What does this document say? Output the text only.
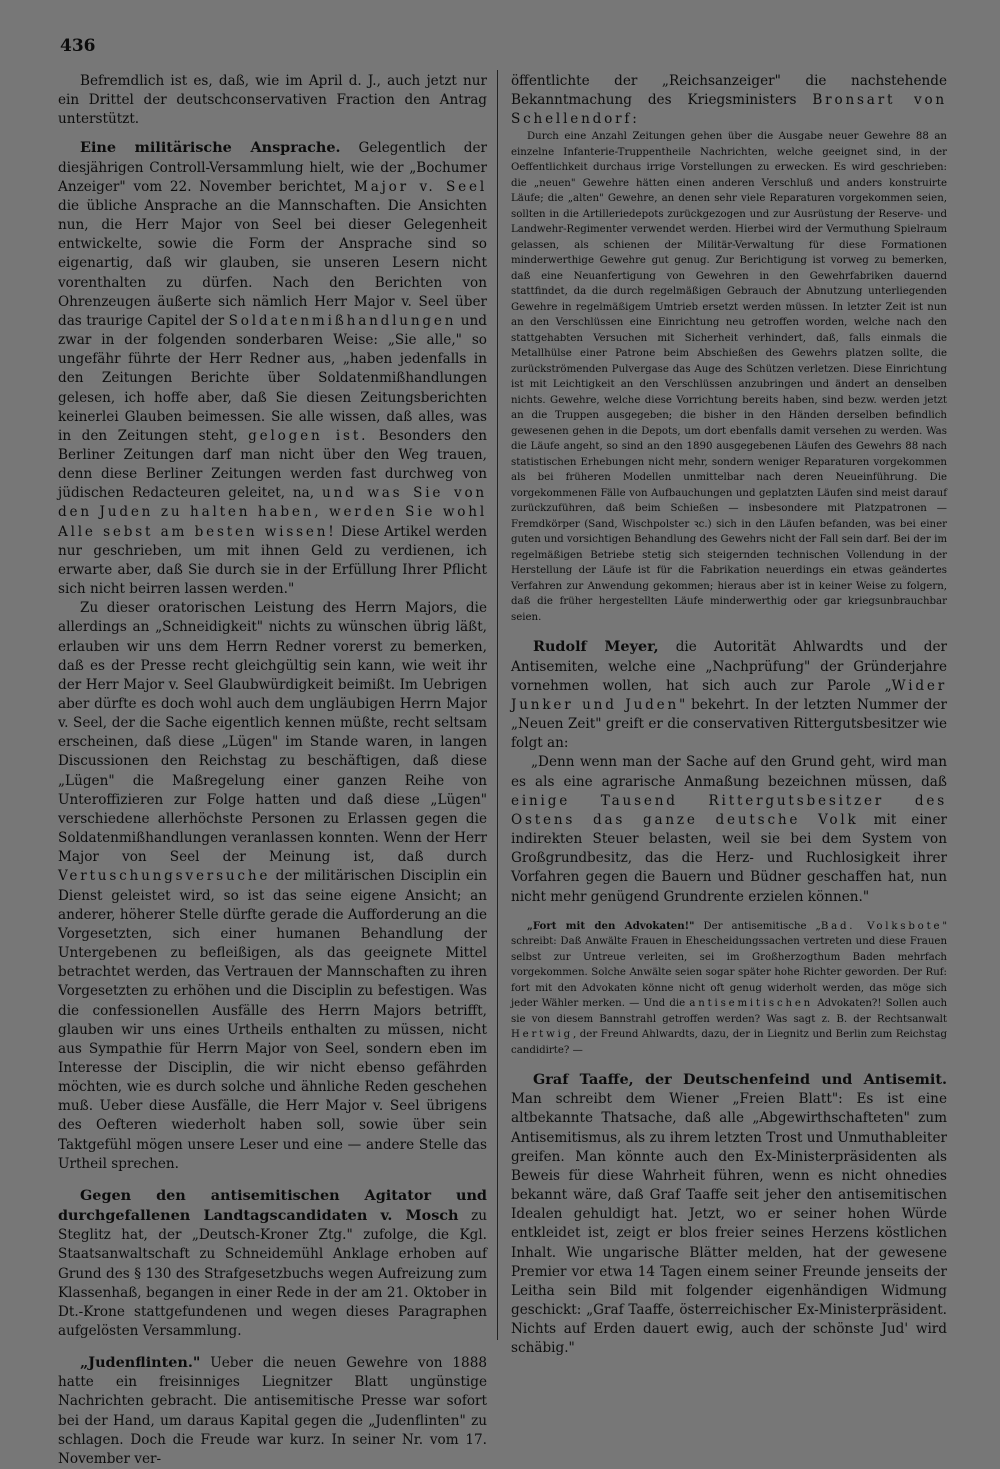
436

Befremdlich ist es, daß, wie im April d. J., auch jetzt nur ein Drittel der deutschconservativen Fraction den Antrag unterstützt.

Eine militärische Ansprache. Gelegentlich der diesjährigen Controll-Versammlung hielt, wie der „Bochumer Anzeiger" vom 22. November berichtet, Major v. Seel die übliche Ansprache an die Mannschaften. Die Ansichten nun, die Herr Major von Seel bei dieser Gelegenheit entwickelte, sowie die Form der Ansprache sind so eigenartig, daß wir glauben, sie unseren Lesern nicht vorenthalten zu dürfen. Nach den Berichten von Ohrenzeugen äußerte sich nämlich Herr Major v. Seel über das traurige Capitel der Soldatenmißhandlungen und zwar in der folgenden sonderbaren Weise: „Sie alle," so ungefähr führte der Herr Redner aus, „haben jedenfalls in den Zeitungen Berichte über Soldatenmißhandlungen gelesen, ich hoffe aber, daß Sie diesen Zeitungsberichten keinerlei Glauben beimessen. Sie alle wissen, daß alles, was in den Zeitungen steht, gelogen ist. Besonders den Berliner Zeitungen darf man nicht über den Weg trauen, denn diese Berliner Zeitungen werden fast durchweg von jüdischen Redacteuren geleitet, na, und was Sie von den Juden zu halten haben, werden Sie wohl Alle sebst am besten wissen! Diese Artikel werden nur geschrieben, um mit ihnen Geld zu verdienen, ich erwarte aber, daß Sie durch sie in der Erfüllung Ihrer Pflicht sich nicht beirren lassen werden."

Zu dieser oratorischen Leistung des Herrn Majors, die allerdings an „Schneidigkeit" nichts zu wünschen übrig läßt, erlauben wir uns dem Herrn Redner vorerst zu bemerken, daß es der Presse recht gleichgültig sein kann, wie weit ihr der Herr Major v. Seel Glaubwürdigkeit beimißt. Im Uebrigen aber dürfte es doch wohl auch dem ungläubigen Herrn Major v. Seel, der die Sache eigentlich kennen müßte, recht seltsam erscheinen, daß diese „Lügen" im Stande waren, in langen Discussionen den Reichstag zu beschäftigen, daß diese „Lügen" die Maßregelung einer ganzen Reihe von Unteroffizieren zur Folge hatten und daß diese „Lügen" verschiedene allerhöchste Personen zu Erlassen gegen die Soldatenmißhandlungen veranlassen konnten. Wenn der Herr Major von Seel der Meinung ist, daß durch Vertuschungsversuche der militärischen Disciplin ein Dienst geleistet wird, so ist das seine eigene Ansicht; an anderer, höherer Stelle dürfte gerade die Aufforderung an die Vorgesetzten, sich einer humanen Behandlung der Untergebenen zu befleißigen, als das geeignete Mittel betrachtet werden, das Vertrauen der Mannschaften zu ihren Vorgesetzten zu erhöhen und die Disciplin zu befestigen. Was die confessionellen Ausfälle des Herrn Majors betrifft, glauben wir uns eines Urtheils enthalten zu müssen, nicht aus Sympathie für Herrn Major von Seel, sondern eben im Interesse der Disciplin, die wir nicht ebenso gefährden möchten, wie es durch solche und ähnliche Reden geschehen muß. Ueber diese Ausfälle, die Herr Major v. Seel übrigens des Oefteren wiederholt haben soll, sowie über sein Taktgefühl mögen unsere Leser und eine — andere Stelle das Urtheil sprechen.

Gegen den antisemitischen Agitator und durchgefallenen Landtagscandidaten v. Mosch zu Steglitz hat, der „Deutsch-Kroner Ztg." zufolge, die Kgl. Staatsanwaltschaft zu Schneidemühl Anklage erhoben auf Grund des § 130 des Strafgesetzbuchs wegen Aufreizung zum Klassenhaß, begangen in einer Rede in der am 21. Oktober in Dt.-Krone stattgefundenen und wegen dieses Paragraphen aufgelösten Versammlung.

„Judenflinten." Ueber die neuen Gewehre von 1888 hatte ein freisinniges Liegnitzer Blatt ungünstige Nachrichten gebracht. Die antisemitische Presse war sofort bei der Hand, um daraus Kapital gegen die „Judenflinten" zu schlagen. Doch die Freude war kurz. In seiner Nr. vom 17. November ver-

öffentlichte der „Reichsanzeiger" die nachstehende Bekanntmachung des Kriegsministers Bronsart von Schellendorf:

Durch eine Anzahl Zeitungen gehen über die Ausgabe neuer Gewehre 88 an einzelne Infanterie-Truppentheile Nachrichten, welche geeignet sind, in der Oeffentlichkeit durchaus irrige Vorstellungen zu erwecken. Es wird geschrieben: die „neuen" Gewehre hätten einen anderen Verschluß und anders konstruirte Läufe; die „alten" Gewehre, an denen sehr viele Reparaturen vorgekommen seien, sollten in die Artilleriedepots zurückgezogen und zur Ausrüstung der Reserve- und Landwehr-Regimenter verwendet werden. Hierbei wird der Vermuthung Spielraum gelassen, als schienen der Militär-Verwaltung für diese Formationen minderwerthige Gewehre gut genug. Zur Berichtigung ist vorweg zu bemerken, daß eine Neuanfertigung von Gewehren in den Gewehrfabriken dauernd stattfindet, da die durch regelmäßigen Gebrauch der Abnutzung unterliegenden Gewehre in regelmäßigem Umtrieb ersetzt werden müssen. In letzter Zeit ist nun an den Verschlüssen eine Einrichtung neu getroffen worden, welche nach den stattgehabten Versuchen mit Sicherheit verhindert, daß, falls einmals die Metallhülse einer Patrone beim Abschießen des Gewehrs platzen sollte, die zurückströmenden Pulvergase das Auge des Schützen verletzen. Diese Einrichtung ist mit Leichtigkeit an den Verschlüssen anzubringen und ändert an denselben nichts. Gewehre, welche diese Vorrichtung bereits haben, sind bezw. werden jetzt an die Truppen ausgegeben; die bisher in den Händen derselben befindlich gewesenen gehen in die Depots, um dort ebenfalls damit versehen zu werden. Was die Läufe angeht, so sind an den 1890 ausgegebenen Läufen des Gewehrs 88 nach statistischen Erhebungen nicht mehr, sondern weniger Reparaturen vorgekommen als bei früheren Modellen unmittelbar nach deren Neueinführung. Die vorgekommenen Fälle von Aufbauchungen und geplatzten Läufen sind meist darauf zurückzuführen, daß beim Schießen — insbesondere mit Platzpatronen — Fremdkörper (Sand, Wischpolster ꝛc.) sich in den Läufen befanden, was bei einer guten und vorsichtigen Behandlung des Gewehrs nicht der Fall sein darf. Bei der im regelmäßigen Betriebe stetig sich steigernden technischen Vollendung in der Herstellung der Läufe ist für die Fabrikation neuerdings ein etwas geändertes Verfahren zur Anwendung gekommen; hieraus aber ist in keiner Weise zu folgern, daß die früher hergestellten Läufe minderwerthig oder gar kriegsunbrauchbar seien.

Rudolf Meyer, die Autorität Ahlwardts und der Antisemiten, welche eine „Nachprüfung" der Gründerjahre vornehmen wollen, hat sich auch zur Parole „Wider Junker und Juden" bekehrt. In der letzten Nummer der „Neuen Zeit" greift er die conservativen Rittergutsbesitzer wie folgt an:

„Denn wenn man der Sache auf den Grund geht, wird man es als eine agrarische Anmaßung bezeichnen müssen, daß einige Tausend Rittergutsbesitzer des Ostens das ganze deutsche Volk mit einer indirekten Steuer belasten, weil sie bei dem System von Großgrundbesitz, das die Herz- und Ruchlosigkeit ihrer Vorfahren gegen die Bauern und Büdner geschaffen hat, nun nicht mehr genügend Grundrente erzielen können."

„Fort mit den Advokaten!" Der antisemitische „Bad. Volksbote" schreibt: Daß Anwälte Frauen in Ehescheidungssachen vertreten und diese Frauen selbst zur Untreue verleiten, sei im Großherzogthum Baden mehrfach vorgekommen. Solche Anwälte seien sogar später hohe Richter geworden. Der Ruf: fort mit den Advokaten könne nicht oft genug widerholt werden, das möge sich jeder Wähler merken. — Und die antisemitischen Advokaten?! Sollen auch sie von diesem Bannstrahl getroffen werden? Was sagt z. B. der Rechtsanwalt Hertwig, der Freund Ahlwardts, dazu, der in Liegnitz und Berlin zum Reichstag candidirte? —

Graf Taaffe, der Deutschenfeind und Antisemit. Man schreibt dem Wiener „Freien Blatt": Es ist eine altbekannte Thatsache, daß alle „Abgewirthschafteten" zum Antisemitismus, als zu ihrem letzten Trost und Unmuthableiter greifen. Man könnte auch den Ex-Ministerpräsidenten als Beweis für diese Wahrheit führen, wenn es nicht ohnedies bekannt wäre, daß Graf Taaffe seit jeher den antisemitischen Idealen gehuldigt hat. Jetzt, wo er seiner hohen Würde entkleidet ist, zeigt er blos freier seines Herzens köstlichen Inhalt. Wie ungarische Blätter melden, hat der gewesene Premier vor etwa 14 Tagen einem seiner Freunde jenseits der Leitha sein Bild mit folgender eigenhändigen Widmung geschickt: „Graf Taaffe, österreichischer Ex-Ministerpräsident. Nichts auf Erden dauert ewig, auch der schönste Jud' wird schäbig."
